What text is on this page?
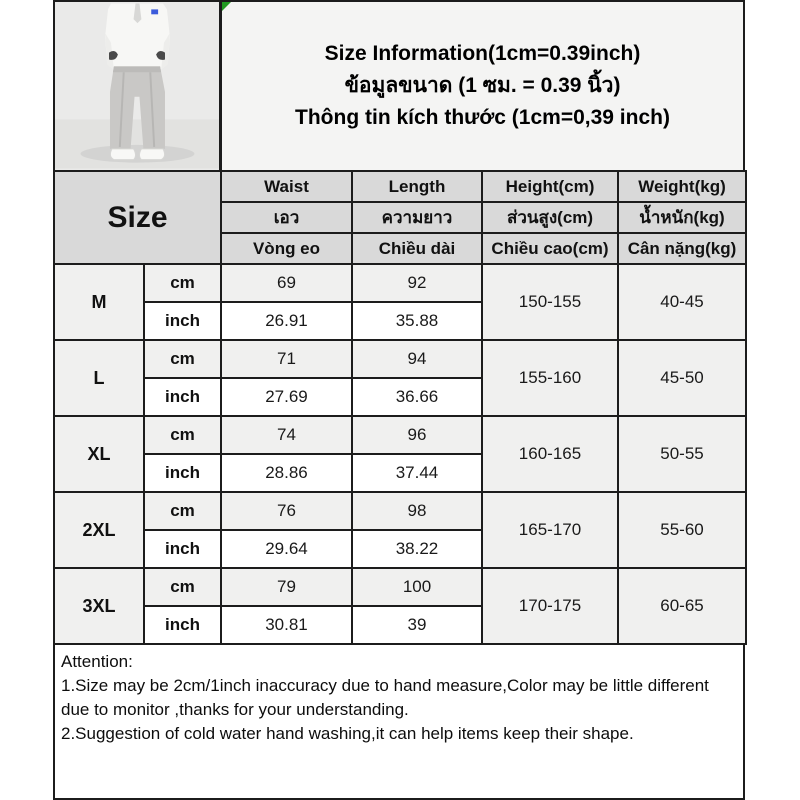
Size Information(1cm=0.39inch)
ข้อมูลขนาด (1 ซม. = 0.39 นิ้ว)
Thông tin kích thước (1cm=0,39 inch)
Size		Waist	Length	Height(cm)	Weight(kg)
		เอว	ความยาว	ส่วนสูง(cm)	น้ำหนัก(kg)
		Vòng eo	Chiều dài	Chiều cao(cm)	Cân nặng(kg)
M	cm	69	92	150-155	40-45
	inch	26.91	35.88		
L	cm	71	94	155-160	45-50
	inch	27.69	36.66		
XL	cm	74	96	160-165	50-55
	inch	28.86	37.44		
2XL	cm	76	98	165-170	55-60
	inch	29.64	38.22		
3XL	cm	79	100	170-175	60-65
	inch	30.81	39		

Attention:

1.Size may be 2cm/1inch inaccuracy due to hand measure,Color may be little different due to monitor ,thanks for your understanding.

2.Suggestion of cold water hand washing,it can help items keep their shape.
